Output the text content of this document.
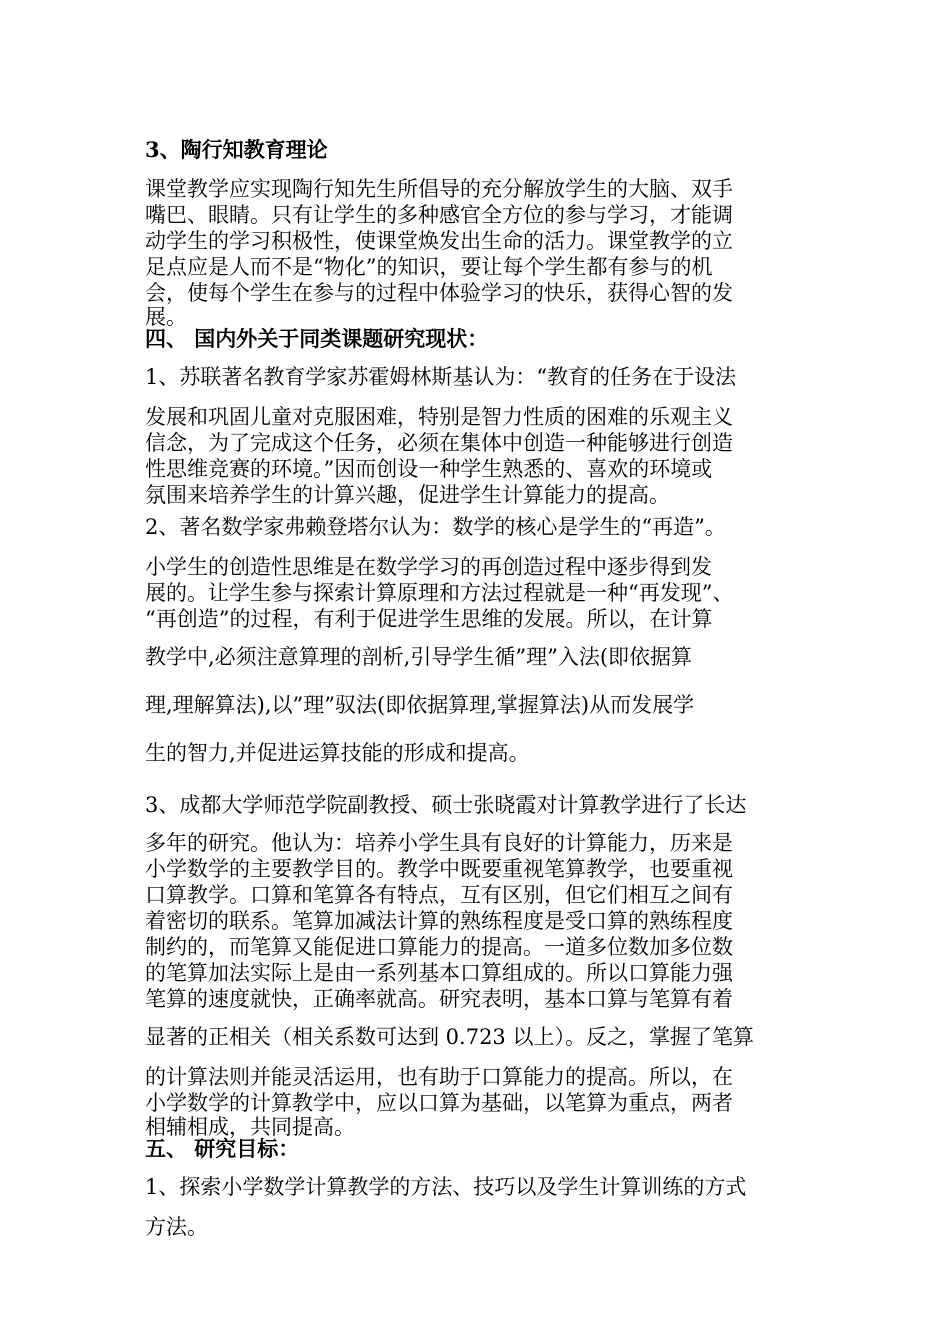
3、陶行知教育理论
课堂教学应实现陶行知先生所倡导的充分解放学生的大脑、双手
嘴巴、眼睛。只有让学生的多种感官全方位的参与学习，才能调
动学生的学习积极性，使课堂焕发出生命的活力。课堂教学的立
足点应是人而不是“物化”的知识，要让每个学生都有参与的机
会，使每个学生在参与的过程中体验学习的快乐，获得心智的发
展。
四、 国内外关于同类课题研究现状：
1、苏联著名教育学家苏霍姆林斯基认为：“教育的任务在于设法
发展和巩固儿童对克服困难，特别是智力性质的困难的乐观主义
信念，为了完成这个任务，必须在集体中创造一种能够进行创造
性思维竞赛的环境。”因而创设一种学生熟悉的、喜欢的环境或
氛围来培养学生的计算兴趣，促进学生计算能力的提高。
2、著名数学家弗赖登塔尔认为：数学的核心是学生的“再造”。
小学生的创造性思维是在数学学习的再创造过程中逐步得到发
展的。让学生参与探索计算原理和方法过程就是一种“再发现”、
“再创造”的过程，有利于促进学生思维的发展。所以，在计算
教学中,必须注意算理的剖析,引导学生循”理”入法(即依据算
理,理解算法),以”理”驭法(即依据算理,掌握算法)从而发展学
生的智力,并促进运算技能的形成和提高。
3、成都大学师范学院副教授、硕士张晓霞对计算教学进行了长达
多年的研究。他认为：培养小学生具有良好的计算能力，历来是
小学数学的主要教学目的。教学中既要重视笔算教学，也要重视
口算教学。口算和笔算各有特点，互有区别，但它们相互之间有
着密切的联系。笔算加减法计算的熟练程度是受口算的熟练程度
制约的，而笔算又能促进口算能力的提高。一道多位数加多位数
的笔算加法实际上是由一系列基本口算组成的。所以口算能力强
笔算的速度就快，正确率就高。研究表明，基本口算与笔算有着
显著的正相关（相关系数可达到 0.723 以上）。反之，掌握了笔算
的计算法则并能灵活运用，也有助于口算能力的提高。所以，在
小学数学的计算教学中，应以口算为基础，以笔算为重点，两者
相辅相成，共同提高。
五、 研究目标：
1、探索小学数学计算教学的方法、技巧以及学生计算训练的方式
方法。
